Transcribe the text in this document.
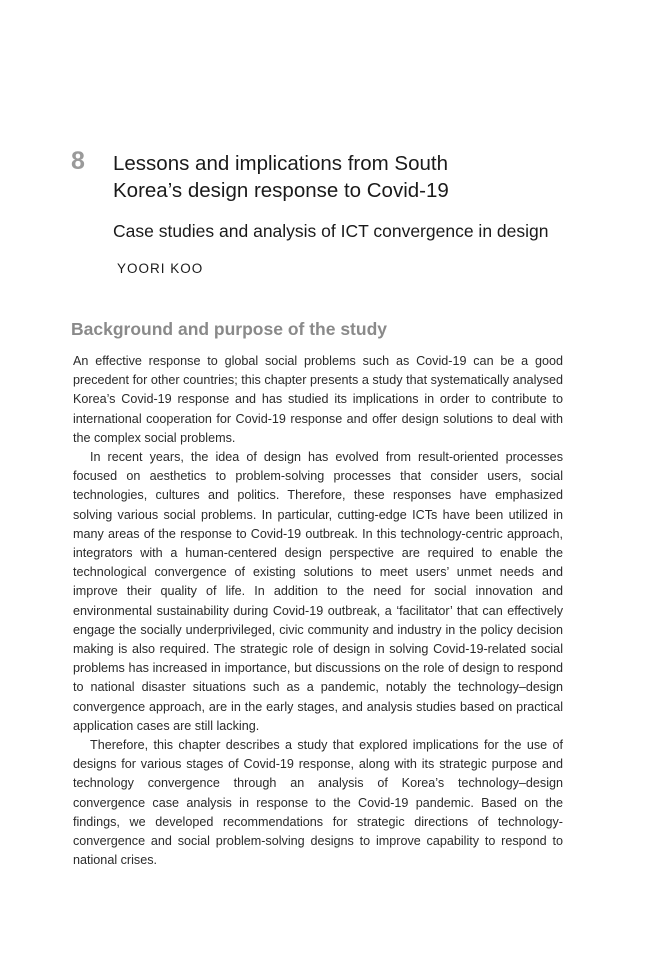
8 Lessons and implications from South
Korea’s design response to Covid-19
Case studies and analysis of ICT convergence in design
YOORI KOO
Background and purpose of the study

An effective response to global social problems such as Covid-19 can be a good precedent for other countries; this chapter presents a study that systematically analysed Korea’s Covid-19 response and has studied its implications in order to contribute to international cooperation for Covid-19 response and offer design solutions to deal with the complex social problems.

In recent years, the idea of design has evolved from result-oriented processes focused on aesthetics to problem-solving processes that consider users, social technologies, cultures and politics. Therefore, these responses have emphasized solving various social problems. In particular, cutting-edge ICTs have been utilized in many areas of the response to Covid-19 outbreak. In this technology-centric approach, integrators with a human-centered design perspective are required to enable the technological convergence of existing solutions to meet users’ unmet needs and improve their quality of life. In addition to the need for social innovation and environmental sustainability during Covid-19 outbreak, a ‘facilitator’ that can effectively engage the socially underprivileged, civic community and industry in the policy decision making is also required. The strategic role of design in solving Covid-19-related social problems has increased in importance, but discussions on the role of design to respond to national disaster situations such as a pandemic, notably the technology–design convergence approach, are in the early stages, and analysis studies based on practical application cases are still lacking.

Therefore, this chapter describes a study that explored implications for the use of designs for various stages of Covid-19 response, along with its strategic purpose and technology convergence through an analysis of Korea’s technology–design convergence case analysis in response to the Covid-19 pandemic. Based on the findings, we developed recommendations for strategic directions of technology-convergence and social problem-solving designs to improve capability to respond to national crises.
